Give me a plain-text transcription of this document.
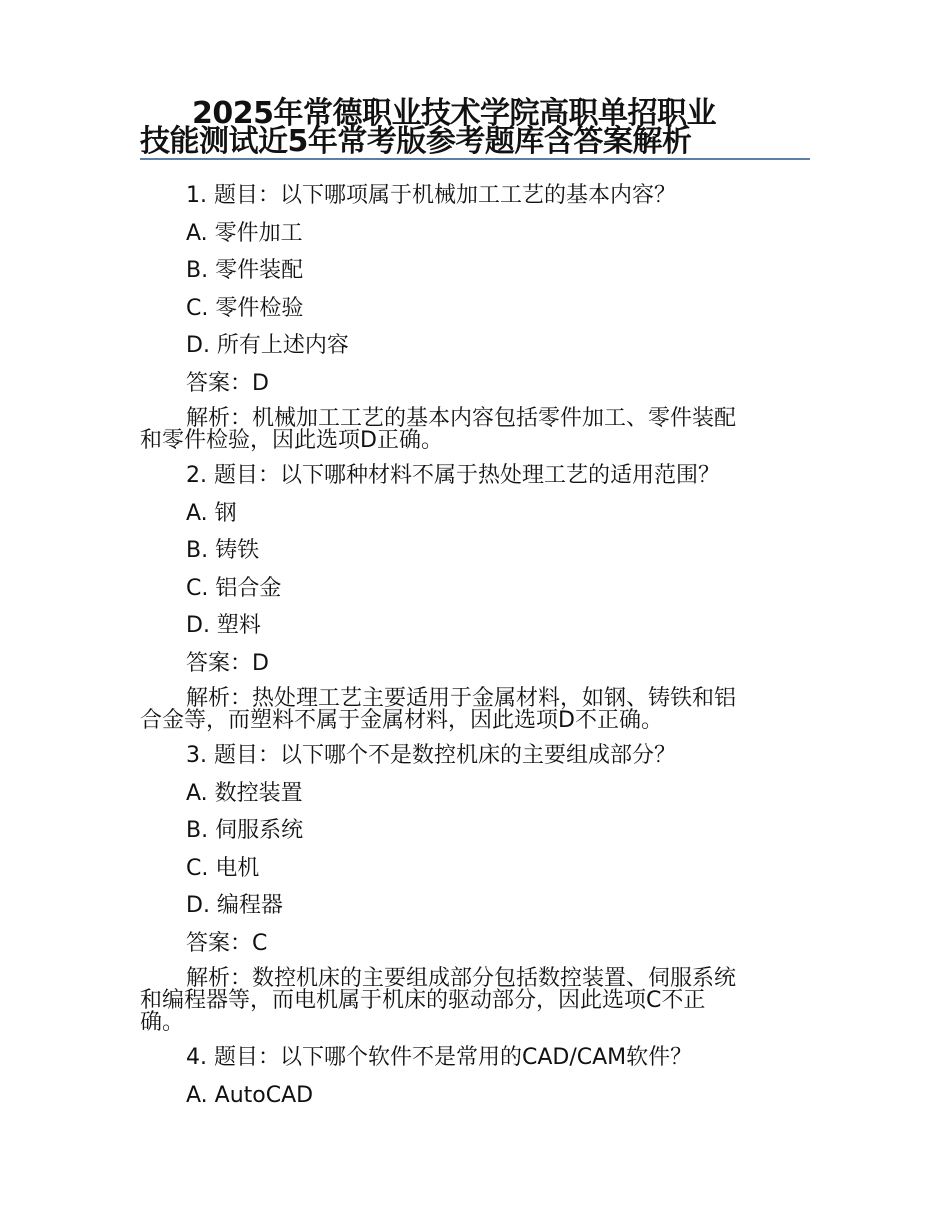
2025年常德职业技术学院高职单招职业
技能测试近5年常考版参考题库含答案解析
1. 题目：以下哪项属于机械加工工艺的基本内容？
A. 零件加工
B. 零件装配
C. 零件检验
D. 所有上述内容
答案：D
解析：机械加工工艺的基本内容包括零件加工、零件装配
和零件检验，因此选项D正确。
2. 题目：以下哪种材料不属于热处理工艺的适用范围？
A. 钢
B. 铸铁
C. 铝合金
D. 塑料
答案：D
解析：热处理工艺主要适用于金属材料，如钢、铸铁和铝
合金等，而塑料不属于金属材料，因此选项D不正确。
3. 题目：以下哪个不是数控机床的主要组成部分？
A. 数控装置
B. 伺服系统
C. 电机
D. 编程器
答案：C
解析：数控机床的主要组成部分包括数控装置、伺服系统
和编程器等，而电机属于机床的驱动部分，因此选项C不正
确。
4. 题目：以下哪个软件不是常用的CAD/CAM软件？
A. AutoCAD
